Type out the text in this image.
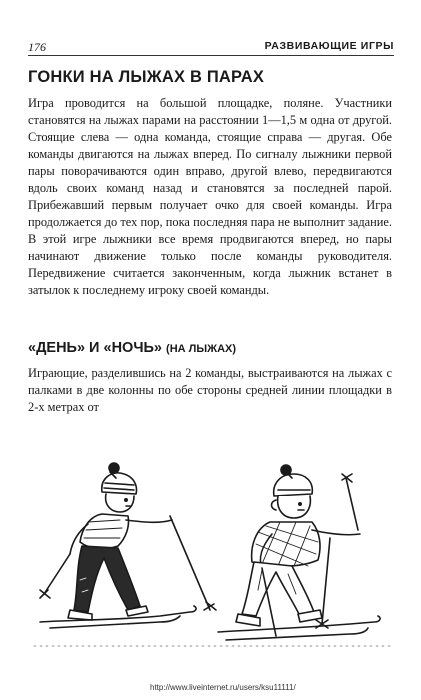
176	РАЗВИВАЮЩИЕ ИГРЫ
ГОНКИ НА ЛЫЖАХ В ПАРАХ

Игра проводится на большой площадке, поляне. Участники становятся на лыжах парами на расстоянии 1—1,5 м одна от другой. Стоящие слева — одна команда, стоящие справа — другая. Обе команды двигаются на лыжах вперед. По сигналу лыжники первой пары поворачиваются один вправо, другой влево, передвигаются вдоль своих команд назад и становятся за последней парой. Прибежавший первым получает очко для своей команды. Игра продолжается до тех пор, пока последняя пара не выполнит задание. В этой игре лыжники все время продвигаются вперед, но пары начинают движение только после команды руководителя. Передвижение считается законченным, когда лыжник встанет в затылок к последнему игроку своей команды.

«ДЕНЬ» И «НОЧЬ» (НА ЛЫЖАХ)

Играющие, разделившись на 2 команды, выстраиваются на лыжах с палками в две колонны по обе стороны средней линии площадки в 2-х метрах от

http://www.liveinternet.ru/users/ksu11111/
